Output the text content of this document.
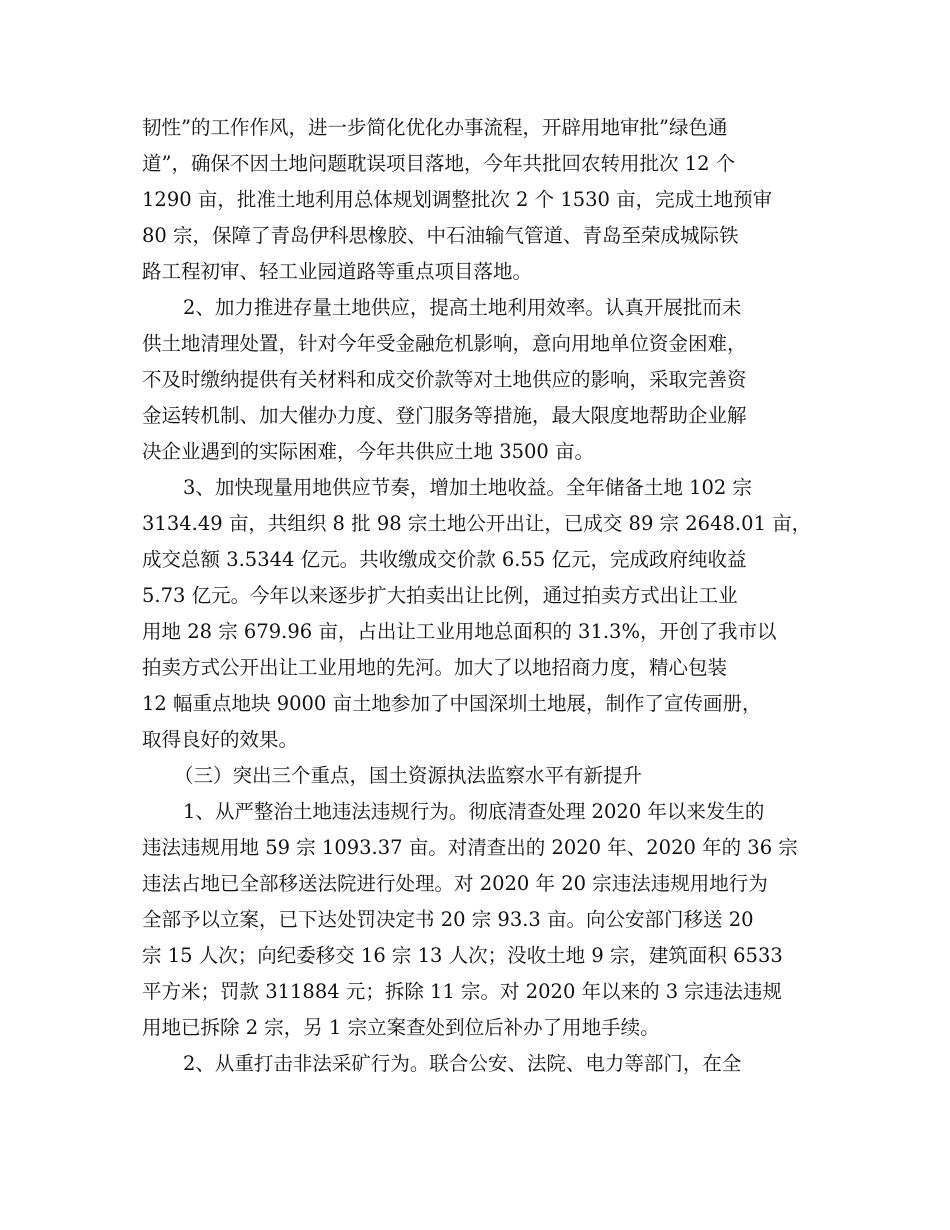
韧性”的工作作风，进一步简化优化办事流程，开辟用地审批”绿色通
道”，确保不因土地问题耽误项目落地，今年共批回农转用批次 12 个
1290 亩，批准土地利用总体规划调整批次 2 个 1530 亩，完成土地预审
80 宗，保障了青岛伊科思橡胶、中石油输气管道、青岛至荣成城际铁
路工程初审、轻工业园道路等重点项目落地。
2、加力推进存量土地供应，提高土地利用效率。认真开展批而未
供土地清理处置，针对今年受金融危机影响，意向用地单位资金困难，
不及时缴纳提供有关材料和成交价款等对土地供应的影响，采取完善资
金运转机制、加大催办力度、登门服务等措施，最大限度地帮助企业解
决企业遇到的实际困难，今年共供应土地 3500 亩。
3、加快现量用地供应节奏，增加土地收益。全年储备土地 102 宗
3134.49 亩，共组织 8 批 98 宗土地公开出让，已成交 89 宗 2648.01 亩，
成交总额 3.5344 亿元。共收缴成交价款 6.55 亿元，完成政府纯收益
5.73 亿元。今年以来逐步扩大拍卖出让比例，通过拍卖方式出让工业
用地 28 宗 679.96 亩，占出让工业用地总面积的 31.3%，开创了我市以
拍卖方式公开出让工业用地的先河。加大了以地招商力度，精心包装
12 幅重点地块 9000 亩土地参加了中国深圳土地展，制作了宣传画册，
取得良好的效果。
（三）突出三个重点，国土资源执法监察水平有新提升
1、从严整治土地违法违规行为。彻底清查处理 2020 年以来发生的
违法违规用地 59 宗 1093.37 亩。对清查出的 2020 年、2020 年的 36 宗
违法占地已全部移送法院进行处理。对 2020 年 20 宗违法违规用地行为
全部予以立案，已下达处罚决定书 20 宗 93.3 亩。向公安部门移送 20
宗 15 人次；向纪委移交 16 宗 13 人次；没收土地 9 宗，建筑面积 6533
平方米；罚款 311884 元；拆除 11 宗。对 2020 年以来的 3 宗违法违规
用地已拆除 2 宗，另 1 宗立案查处到位后补办了用地手续。
2、从重打击非法采矿行为。联合公安、法院、电力等部门，在全
